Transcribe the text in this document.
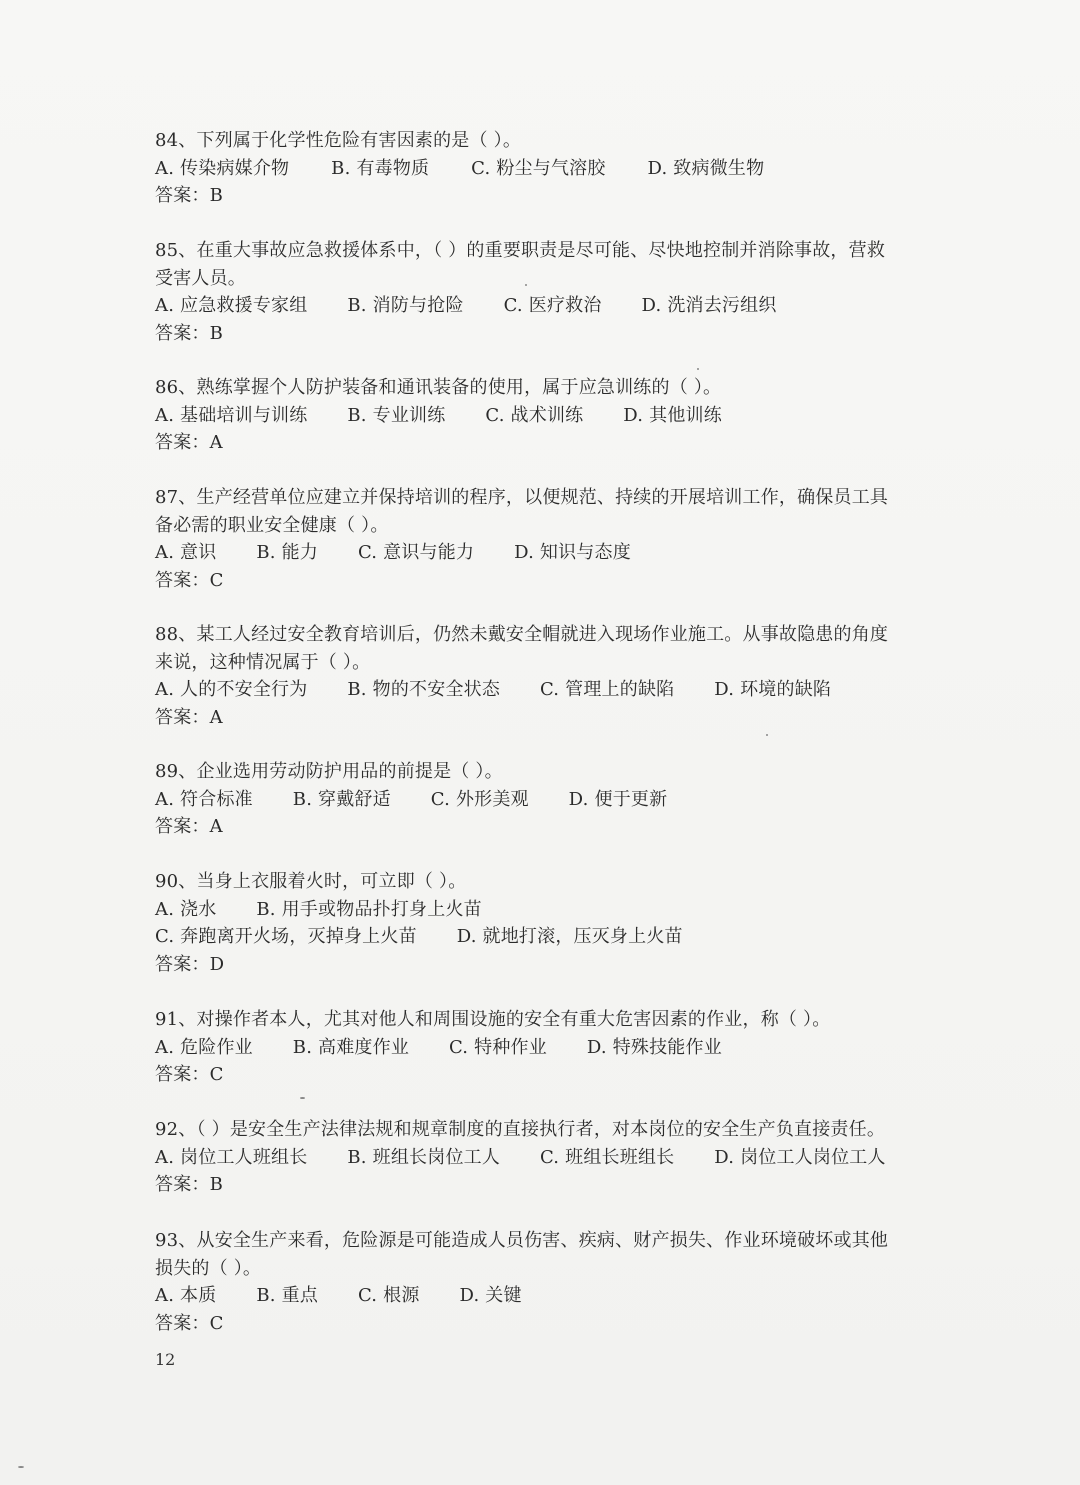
84、下列属于化学性危险有害因素的是（ ）。
A. 传染病媒介物 B. 有毒物质 C. 粉尘与气溶胶 D. 致病微生物
答案：B
85、在重大事故应急救援体系中，（ ）的重要职责是尽可能、尽快地控制并消除事故，营救
受害人员。
A. 应急救援专家组 B. 消防与抢险 C. 医疗救治 D. 洗消去污组织
答案：B
86、熟练掌握个人防护装备和通讯装备的使用，属于应急训练的（ ）。
A. 基础培训与训练 B. 专业训练 C. 战术训练 D. 其他训练
答案：A
87、生产经营单位应建立并保持培训的程序，以便规范、持续的开展培训工作，确保员工具
备必需的职业安全健康（ ）。
A. 意识 B. 能力 C. 意识与能力 D. 知识与态度
答案：C
88、某工人经过安全教育培训后，仍然未戴安全帽就进入现场作业施工。从事故隐患的角度
来说，这种情况属于（ ）。
A. 人的不安全行为 B. 物的不安全状态 C. 管理上的缺陷 D. 环境的缺陷
答案：A
89、企业选用劳动防护用品的前提是（ ）。
A. 符合标准 B. 穿戴舒适 C. 外形美观 D. 便于更新
答案：A
90、当身上衣服着火时，可立即（ ）。
A. 浇水 B. 用手或物品扑打身上火苗
C. 奔跑离开火场，灭掉身上火苗 D. 就地打滚，压灭身上火苗
答案：D
91、对操作者本人，尤其对他人和周围设施的安全有重大危害因素的作业，称（ ）。
A. 危险作业 B. 高难度作业 C. 特种作业 D. 特殊技能作业
答案：C
92、（ ）是安全生产法律法规和规章制度的直接执行者，对本岗位的安全生产负直接责任。
A. 岗位工人班组长 B. 班组长岗位工人 C. 班组长班组长 D. 岗位工人岗位工人
答案：B
93、从安全生产来看，危险源是可能造成人员伤害、疾病、财产损失、作业环境破坏或其他
损失的（ ）。
A. 本质 B. 重点 C. 根源 D. 关键
答案：C
12
